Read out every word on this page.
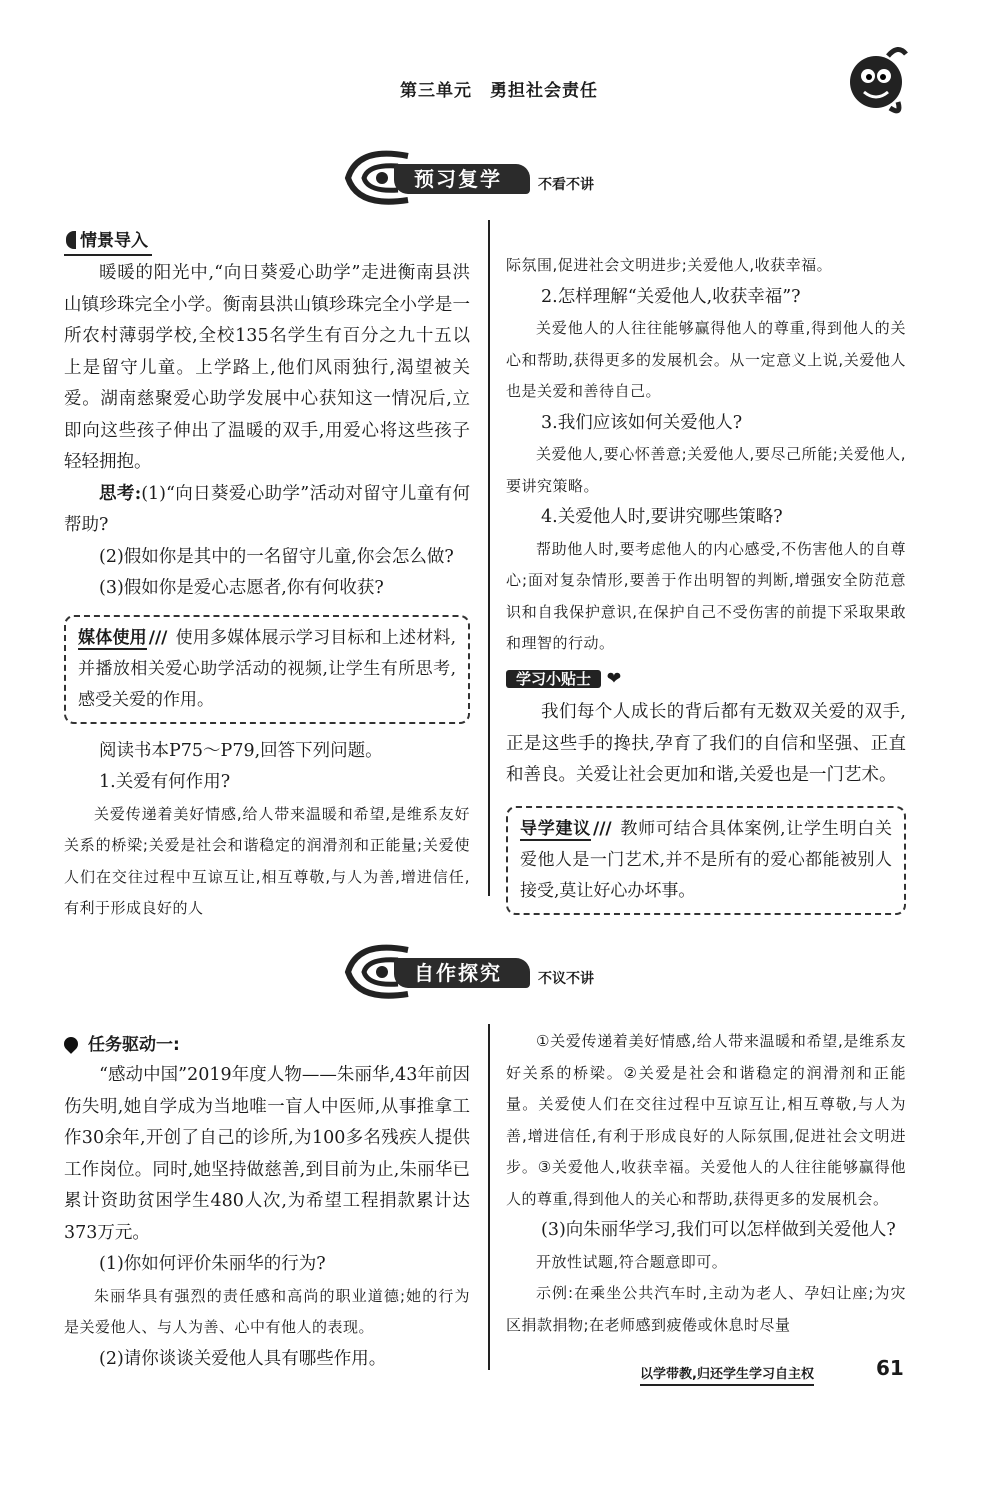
第三单元　勇担社会责任
预习复学	不看不讲
情景导入

暖暖的阳光中,“向日葵爱心助学”走进衡南县洪山镇珍珠完全小学。衡南县洪山镇珍珠完全小学是一所农村薄弱学校,全校135名学生有百分之九十五以上是留守儿童。上学路上,他们风雨独行,渴望被关爱。湖南慈聚爱心助学发展中心获知这一情况后,立即向这些孩子伸出了温暖的双手,用爱心将这些孩子轻轻拥抱。

思考:(1)“向日葵爱心助学”活动对留守儿童有何帮助?

(2)假如你是其中的一名留守儿童,你会怎么做?

(3)假如你是爱心志愿者,你有何收获?

媒体使用 /// 使用多媒体展示学习目标和上述材料,并播放相关爱心助学活动的视频,让学生有所思考,感受关爱的作用。

阅读书本P75～P79,回答下列问题。

1.关爱有何作用?

关爱传递着美好情感,给人带来温暖和希望,是维系友好关系的桥梁;关爱是社会和谐稳定的润滑剂和正能量;关爱使人们在交往过程中互谅互让,相互尊敬,与人为善,增进信任,有利于形成良好的人

际氛围,促进社会文明进步;关爱他人,收获幸福。

2.怎样理解“关爱他人,收获幸福”?

关爱他人的人往往能够赢得他人的尊重,得到他人的关心和帮助,获得更多的发展机会。从一定意义上说,关爱他人也是关爱和善待自己。

3.我们应该如何关爱他人?

关爱他人,要心怀善意;关爱他人,要尽己所能;关爱他人,要讲究策略。

4.关爱他人时,要讲究哪些策略?

帮助他人时,要考虑他人的内心感受,不伤害他人的自尊心;面对复杂情形,要善于作出明智的判断,增强安全防范意识和自我保护意识,在保护自己不受伤害的前提下采取果敢和理智的行动。

学习小贴士 ❤

我们每个人成长的背后都有无数双关爱的双手,正是这些手的搀扶,孕育了我们的自信和坚强、正直和善良。关爱让社会更加和谐,关爱也是一门艺术。

导学建议 /// 教师可结合具体案例,让学生明白关爱他人是一门艺术,并不是所有的爱心都能被别人接受,莫让好心办坏事。
自作探究	不议不讲
任务驱动一:

“感动中国”2019年度人物——朱丽华,43年前因伤失明,她自学成为当地唯一盲人中医师,从事推拿工作30余年,开创了自己的诊所,为100多名残疾人提供工作岗位。同时,她坚持做慈善,到目前为止,朱丽华已累计资助贫困学生480人次,为希望工程捐款累计达373万元。

(1)你如何评价朱丽华的行为?

朱丽华具有强烈的责任感和高尚的职业道德;她的行为是关爱他人、与人为善、心中有他人的表现。

(2)请你谈谈关爱他人具有哪些作用。

①关爱传递着美好情感,给人带来温暖和希望,是维系友好关系的桥梁。②关爱是社会和谐稳定的润滑剂和正能量。关爱使人们在交往过程中互谅互让,相互尊敬,与人为善,增进信任,有利于形成良好的人际氛围,促进社会文明进步。③关爱他人,收获幸福。关爱他人的人往往能够赢得他人的尊重,得到他人的关心和帮助,获得更多的发展机会。

(3)向朱丽华学习,我们可以怎样做到关爱他人?

开放性试题,符合题意即可。

示例:在乘坐公共汽车时,主动为老人、孕妇让座;为灾区捐款捐物;在老师感到疲倦或休息时尽量

以学带教,归还学生学习自主权	61
